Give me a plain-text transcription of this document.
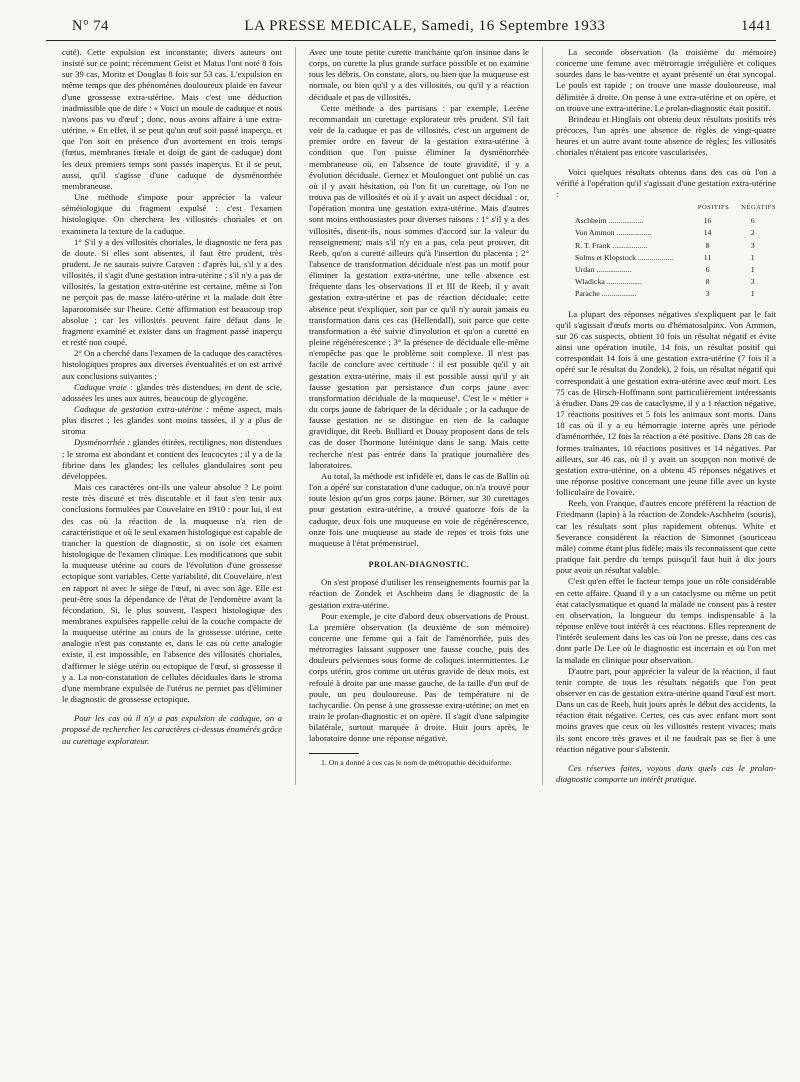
N° 74	LA PRESSE MEDICALE, Samedi, 16 Septembre 1933	1441

cuté). Cette expulsion est inconstante; divers auteurs ont insisté sur ce point; récemment Geist et Matus l'ont noté 8 fois sur 39 cas, Moritz et Douglas 8 fois sur 53 cas. L'expulsion en même temps que des phénomènes douloureux plaide en faveur d'une grossesse extra-utérine. Mais c'est une déduction inadmissible que de dire : « Voici un moule de caduque et nous n'avons pas vu d'œuf ; donc, nous avons affaire à une extra-utérine. » En effet, il se peut qu'un œuf soit passé inaperçu, et que l'on soit en présence d'un avortement en trois temps (fœtus, membranes fœtale et doigt de gant de caduque) dont les deux premiers temps sont passés inaperçus. Et il se peut, aussi, qu'il s'agisse d'une caduque de dysménorrhée membraneuse.

Une méthode s'impose pour apprécier la valeur séméiologique du fragment expulsé : c'est l'examen histologique. On cherchera les villosités choriales et on examinera la texture de la caduque.

1° S'il y a des villosités choriales, le diagnostic ne fera pas de doute. Si elles sont absentes, il faut être prudent, très prudent. Je ne saurais suivre Caraven : d'après lui, s'il y a des villosités, il s'agit d'une gestation intra-utérine ; s'il n'y a pas de villosités, la gestation extra-utérine est certaine, même si l'on ne perçoit pas de masse latéro-utérine et la malade doit être laparotomisée sur l'heure. Cette affirmation est beaucoup trop absolue ; car les villosités peuvent faire défaut dans le fragment examiné et exister dans un fragment passé inaperçu et resté non coupé.

2° On a cherché dans l'examen de la caduque des caractères histologiques propres aux diverses éventualités et on est arrivé aux conclusions suivantes :

Caduque vraie : glandes très distendues, en dent de scie, adossées les unes aux autres, beaucoup de glycogène.

Caduque de gestation extra-utérine : même aspect, mais plus discret ; les glandes sont moins tassées, il y a plus de stroma

Dysménorrhée : glandes étirées, rectilignes, non distendues ; le stroma est abondant et contient des leucocytes ; il y a de la fibrine dans les glandes; les cellules glandulaires sont peu développées.

Mais ces caractères ont-ils une valeur absolue ? Le point reste très discuté et très discutable et il faut s'en tenir aux conclusions formulées par Couvelaire en 1910 : pour lui, il est des cas où la réaction de la muqueuse n'a rien de caractéristique et où le seul examen histologique est capable de trancher la question de diagnostic, si on isole cet examen histologique de l'examen clinique. Les modifications que subit la muqueuse utérine au cours de l'évolution d'une grossesse ectopique sont variables. Cette variabilité, dit Couvelaire, n'est en rapport ni avec le siège de l'œuf, ni avec son âge. Elle est peut-être sous la dépendance de l'état de l'endomètre avant la fécondation. Si, le plus souvent, l'aspect histologique des membranes expulsées rappelle celui de la couche compacte de la muqueuse utérine au cours de la grossesse utérine, cette analogie n'est pas constante et, dans le cas où cette analogie existe, il est impossible, en l'absence des villosités choriales, d'affirmer le siège utérin ou ectopique de l'œuf, si grossesse il y a. La non-constatation de cellules déciduales dans le stroma d'une membrane expulsée de l'utérus ne permet pas d'éliminer le diagnostic de grossesse ectopique.

Pour les cas où il n'y a pas expulsion de caduque, on a proposé de rechercher les caractères ci-dessus énumérés grâce au curettage explorateur.

Avec une toute petite curette tranchante qu'on insinue dans le corps, on curette la plus grande surface possible et on examine tous les débris. On constate, alors, ou bien que la muqueuse est normale, ou bien qu'il y a des villosités, ou qu'il y a réaction déciduale et pas de villosités.

Cette méthode a des partisans : par exemple, Lecène recommandait un curettage explorateur très prudent. S'il fait voir de la caduque et pas de villosités, c'est un argument de premier ordre en faveur de la gestation extra-utérine à condition que l'on puisse éliminer la dysménorrhée membraneuse où, en l'absence de toute gravidité, il y a évolution déciduale. Gernez et Moulonguet ont publié un cas où il y avait hésitation, où l'on fit un curettage, où l'on ne trouva pas de villosités et où il y avait un aspect décidual : or, l'opération montra une gestation extra-utérine. Mais d'autres sont moins enthousiastes pour diverses raisons : 1° s'il y a des villosités, disent-ils, nous sommes d'accord sur la valeur du renseignement; mais s'il n'y en a pas, cela peut prouver, dit Reeb, qu'on a curetté ailleurs qu'à l'insertion du placenta ; 2° l'absence de transformation déciduale n'est pas un motif pour éliminer la gestation extra-utérine, une telle absence est fréquente dans les observations II et III de Reeb, il y avait gestation extra-utérine et pas de réaction déciduale; cette absence peut s'expliquer, soit par ce qu'il n'y aurait jamais eu transformation dans ces cas (Hellendall), soit parce que cette transformation a été suivie d'involution et qu'on a curetté en pleine régénérescence ; 3° la présence de déciduale elle-même n'empêche pas que le problème soit complexe. Il n'est pas facile de conclure avec certitude : il est possible qu'il y ait gestation extra-utérine, mais il est possible aussi qu'il y ait fausse gestation par persistance d'un corps jaune avec transformation déciduale de la muqueuse¹. C'est le « métier » du corps jaune de fabriquer de la déciduale ; or la caduque de fausse gestation ne se distingue en rien de la caduque gravidique, dit Reeb. Bulliard et Douay proposent dans de tels cas de doser l'hormone lutéinique dans le sang. Mais cette recherche n'est pas entrée dans la pratique journalière des laboratoires.

Au total, la méthode est infidèle et, dans le cas de Ballin où l'on a opéré sur constatation d'une caduque, on n'a trouvé pour toute lésion qu'un gros corps jaune. Börner, sur 30 curettages pour gestation extra-utérine, a trouvé quatorze fois de la caduque, deux fois une muqueuse en voie de régénérescence, onze fois une muqueuse au stade de repos et trois fois une muqueuse à l'état prémenstruel.

PROLAN-DIAGNOSTIC.

On s'est proposé d'utiliser les renseignements fournis par la réaction de Zondek et Aschheim dans le diagnostic de la gestation extra-utérine.

Pour exemple, je cite d'abord deux observations de Proust. La première observation (la deuxième de son mémoire) concerne une femme qui a fait de l'aménorrhée, puis des métrorragies laissant supposer une fausse couche, puis des douleurs pelviennes sous forme de coliques intermittentes. Le corps utérin, gros comme un utérus gravide de deux mois, est refoulé à droite par une masse gauche, de la taille d'un œuf de poule, un peu douloureuse. Pas de température ni de tachycardie. On pense à une grossesse extra-utérine; on met en train le prolan-diagnostic et on opère. Il s'agit d'une salpingite bilatérale, surtout marquée à droite. Huit jours après, le laboratoire donne une réponse négative.

1. On a donné à ces cas le nom de métropathie déciduiforme.

La seconde observation (la troisième du mémoire) concerne une femme avec métrorragie irrégulière et coliques sourdes dans le bas-ventre et ayant présenté un état syncopal. Le pouls est rapide ; on trouve une masse douloureuse, mal délimitée à droite. On pense à une extra-utérine et on opère, et on trouve une extra-utérine. Le prolan-diagnostic était positif.

Brindeau et Hinglais ont obtenu deux résultats positifs très précoces, l'un après une absence de règles de vingt-quatre heures et un autre avant toute absence de règles; les villosités choriales n'étaient pas encore vascularisées.

Voici quelques résultats obtenus dans des cas où l'on a vérifié à l'opération qu'il s'agissait d'une gestation extra-utérine :

	POSITIFS	NÉGATIFS
Aschheim ..................	16	6
Von Ammon ..................	14	2
R. T. Frank ..................	8	3
Solms et Klopstock ..................	11	1
Urdan ..................	6	1
Wladicka ..................	8	3
Parache ..................	3	1

La plupart des réponses négatives s'expliquent par le fait qu'il s'agissait d'œufs morts ou d'hématosalpinx. Von Ammon, sur 26 cas suspects, obtient 10 fois un résultat négatif et évite ainsi une opération inutile, 14 fois, un résultat positif qui correspondait 14 fois à une gestation extra-utérine (7 fois il a opéré sur le résultat du Zondek), 2 fois, un résultat négatif qui correspondait à une gestation extra-utérine avec œuf mort. Les 75 cas de Hirsch-Hoffmann sont particulièrement intéressants à étudier. Dans 29 cas de cataclysme, il y a 1 réaction négative, 17 réactions positives et 5 fois les animaux sont morts. Dans 18 cas où il y a eu hémorragie interne après une période d'aménorrhée, 12 fois la réaction a été positive. Dans 28 cas de formes traînantes, 10 réactions positives et 14 négatives. Par ailleurs, sur 46 cas, où il y avait un soupçon non motivé de gestation extra-utérine, on a obtenu 45 réponses négatives et une réponse positive concernant une jeune fille avec un kyste folliculaire de l'ovaire.

Reeb, von Franque, d'autres encore préfèrent la réaction de Friedmann (lapin) à la réaction de Zondek-Aschheim (souris), car les résultats sont plus rapidement obtenus. White et Severance considèrent la réaction de Simonnet (souriceau mâle) comme étant plus fidèle; mais ils reconnaissent que cette pratique fait perdre du temps puisqu'il faut huit à dix jours pour avoir un résultat valable.

C'est qu'en effet le facteur temps joue un rôle considérable en cette affaire. Quand il y a un cataclysme ou même un petit état cataclysmatique et quand la malade ne consent pas à rester en observation, la longueur du temps indispensable à la réponse enlève tout intérêt à ces réactions. Elles reprennent de l'intérêt seulement dans les cas où l'on ne presse, dans ces cas dont parle De Lee où le diagnostic est incertain et où l'on met la malade en clinique pour observation.

D'autre part, pour apprécier la valeur de la réaction, il faut tenir compte de tous les résultats négatifs que l'on peut observer en cas de gestation extra-utérine quand l'œuf est mort. Dans un cas de Reeb, huit jours après le début des accidents, la réaction était négative. Certes, ces cas avec enfant mort sont moins graves que ceux où les villosités restent vivaces; mais ils sont encore très graves et il ne faudrait pas se fier à une réaction négative pour s'abstenir.

Ces réserves faites, voyons dans quels cas le prolan-diagnostic comporte un intérêt pratique.
